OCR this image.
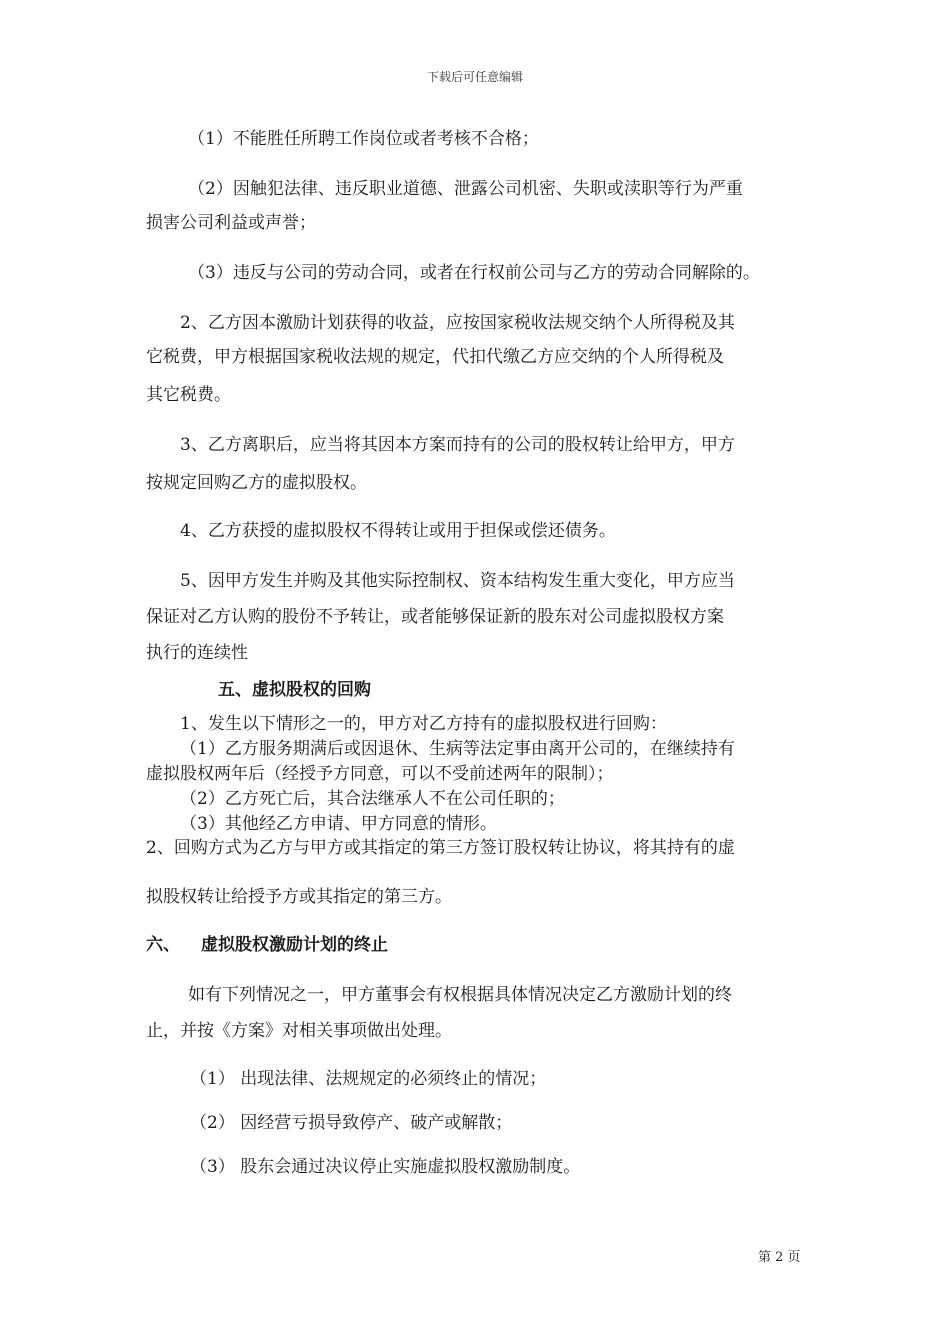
下载后可任意编辑
（1）不能胜任所聘工作岗位或者考核不合格；
（2）因触犯法律、违反职业道德、泄露公司机密、失职或渎职等行为严重
损害公司利益或声誉；
（3）违反与公司的劳动合同，或者在行权前公司与乙方的劳动合同解除的。
2、乙方因本激励计划获得的收益，应按国家税收法规交纳个人所得税及其
它税费，甲方根据国家税收法规的规定，代扣代缴乙方应交纳的个人所得税及
其它税费。
3、乙方离职后，应当将其因本方案而持有的公司的股权转让给甲方，甲方
按规定回购乙方的虚拟股权。
4、乙方获授的虚拟股权不得转让或用于担保或偿还债务。
5、因甲方发生并购及其他实际控制权、资本结构发生重大变化，甲方应当
保证对乙方认购的股份不予转让，或者能够保证新的股东对公司虚拟股权方案
执行的连续性
五、虚拟股权的回购
1、发生以下情形之一的，甲方对乙方持有的虚拟股权进行回购：
（1）乙方服务期满后或因退休、生病等法定事由离开公司的，在继续持有
虚拟股权两年后（经授予方同意，可以不受前述两年的限制）；
（2）乙方死亡后，其合法继承人不在公司任职的；
（3）其他经乙方申请、甲方同意的情形。
2、回购方式为乙方与甲方或其指定的第三方签订股权转让协议，将其持有的虚
拟股权转让给授予方或其指定的第三方。
六、	虚拟股权激励计划的终止
如有下列情况之一，甲方董事会有权根据具体情况决定乙方激励计划的终
止，并按《方案》对相关事项做出处理。
（1） 出现法律、法规规定的必须终止的情况；
（2） 因经营亏损导致停产、破产或解散；
（3） 股东会通过决议停止实施虚拟股权激励制度。
第 2 页
